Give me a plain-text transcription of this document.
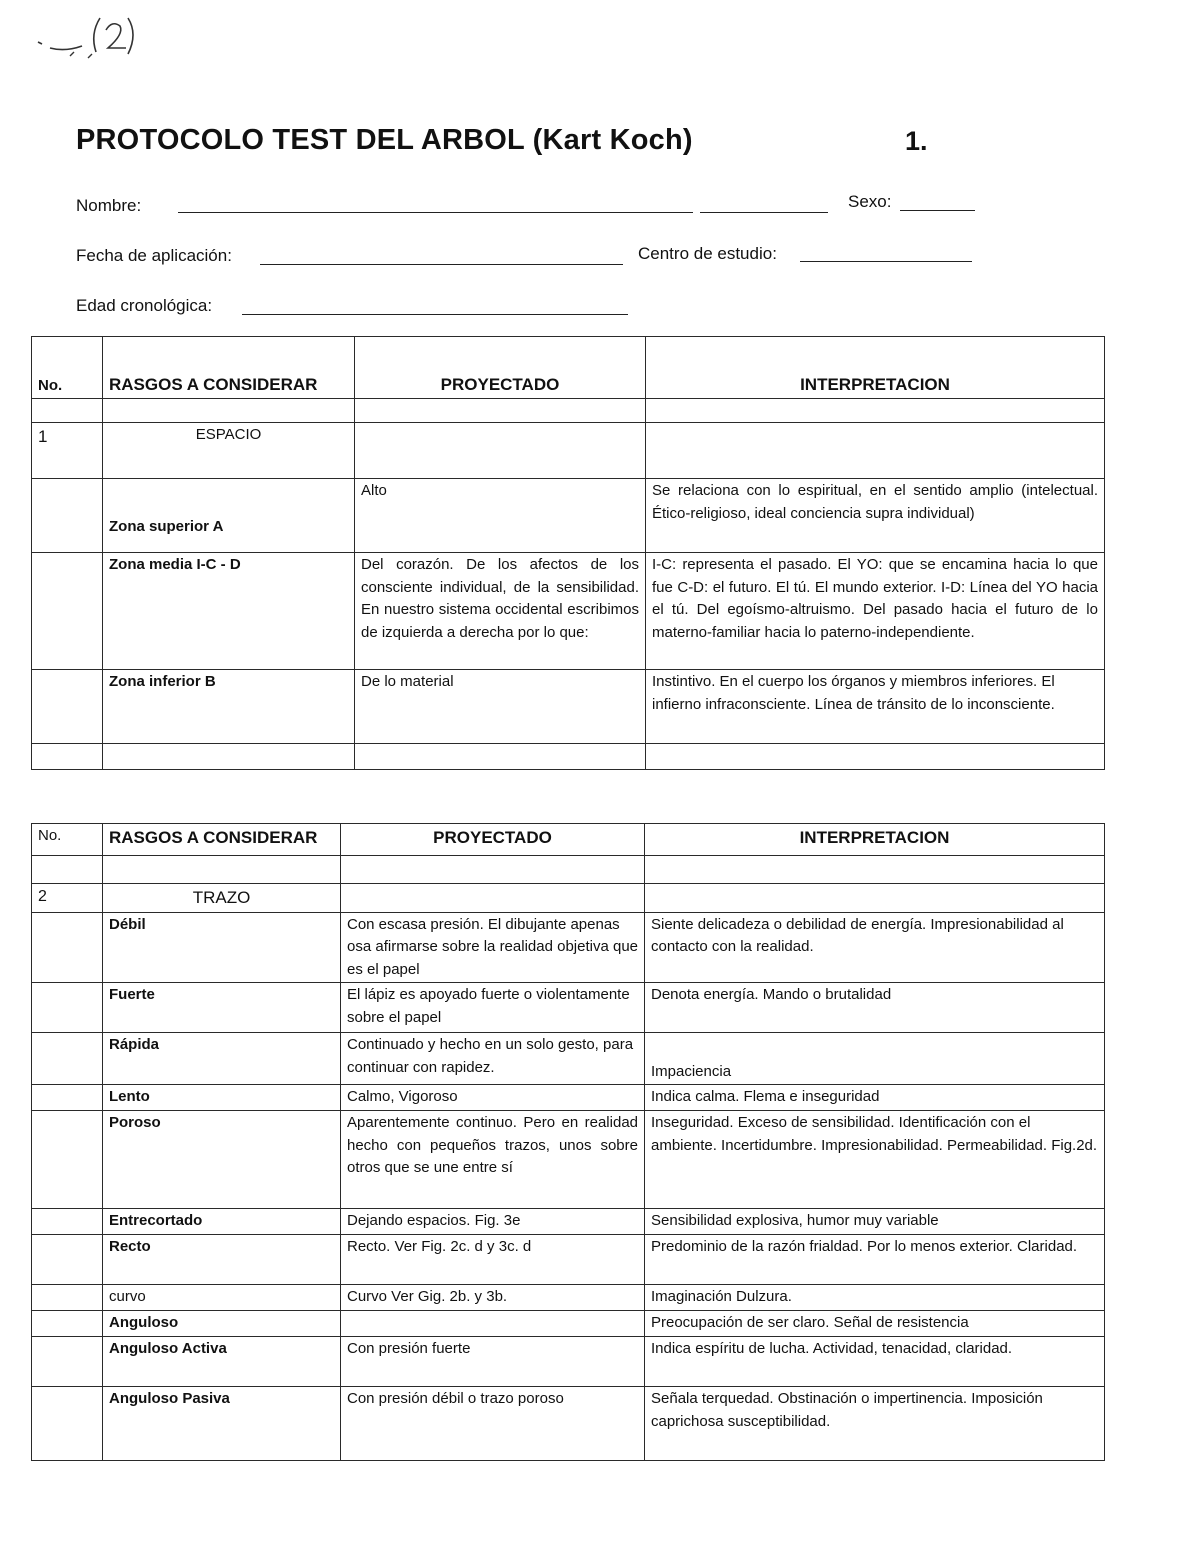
PROTOCOLO TEST DEL ARBOL (Kart Koch)	1.
Nombre:	Sexo:
Fecha de aplicación:	Centro de estudio:
Edad cronológica:
No.	RASGOS A CONSIDERAR	PROYECTADO	INTERPRETACION

1	ESPACIO		
	Zona superior A	Alto	Se relaciona con lo espiritual, en el sentido amplio (intelectual. Ético-religioso, ideal conciencia supra individual)
	Zona media I-C - D	Del corazón. De los afectos de los consciente individual, de la sensibilidad. En nuestro sistema occidental escribimos de izquierda a derecha por lo que:	I-C: representa el pasado. El YO: que se encamina hacia lo que fue C-D: el futuro. El tú. El mundo exterior. I-D: Línea del YO hacia el tú. Del egoísmo-altruismo. Del pasado hacia el futuro de lo materno-familiar hacia lo paterno-independiente.
	Zona inferior B	De lo material	Instintivo. En el cuerpo los órganos y miembros inferiores. El infierno infraconsciente. Línea de tránsito de lo inconsciente.

No.	RASGOS A CONSIDERAR	PROYECTADO	INTERPRETACION

2	TRAZO		
	Débil	Con escasa presión. El dibujante apenas osa afirmarse sobre la realidad objetiva que es el papel	Siente delicadeza o debilidad de energía. Impresionabilidad al contacto con la realidad.
	Fuerte	El lápiz es apoyado fuerte o violentamente sobre el papel	Denota energía. Mando o brutalidad
	Rápida	Continuado y hecho en un solo gesto, para continuar con rapidez.	Impaciencia
	Lento	Calmo, Vigoroso	Indica calma. Flema e inseguridad
	Poroso	Aparentemente continuo. Pero en realidad hecho con pequeños trazos, unos sobre otros que se une entre sí	Inseguridad. Exceso de sensibilidad. Identificación con el ambiente. Incertidumbre. Impresionabilidad. Permeabilidad. Fig.2d.
	Entrecortado	Dejando espacios. Fig. 3e	Sensibilidad explosiva, humor muy variable
	Recto	Recto. Ver Fig. 2c. d y 3c. d	Predominio de la razón frialdad. Por lo menos exterior. Claridad.
	curvo	Curvo Ver Gig. 2b. y 3b.	Imaginación Dulzura.
	Anguloso		Preocupación de ser claro. Señal de resistencia
	Anguloso Activa	Con presión fuerte	Indica espíritu de lucha. Actividad, tenacidad, claridad.
	Anguloso Pasiva	Con presión débil o trazo poroso	Señala terquedad. Obstinación o impertinencia. Imposición caprichosa susceptibilidad.
